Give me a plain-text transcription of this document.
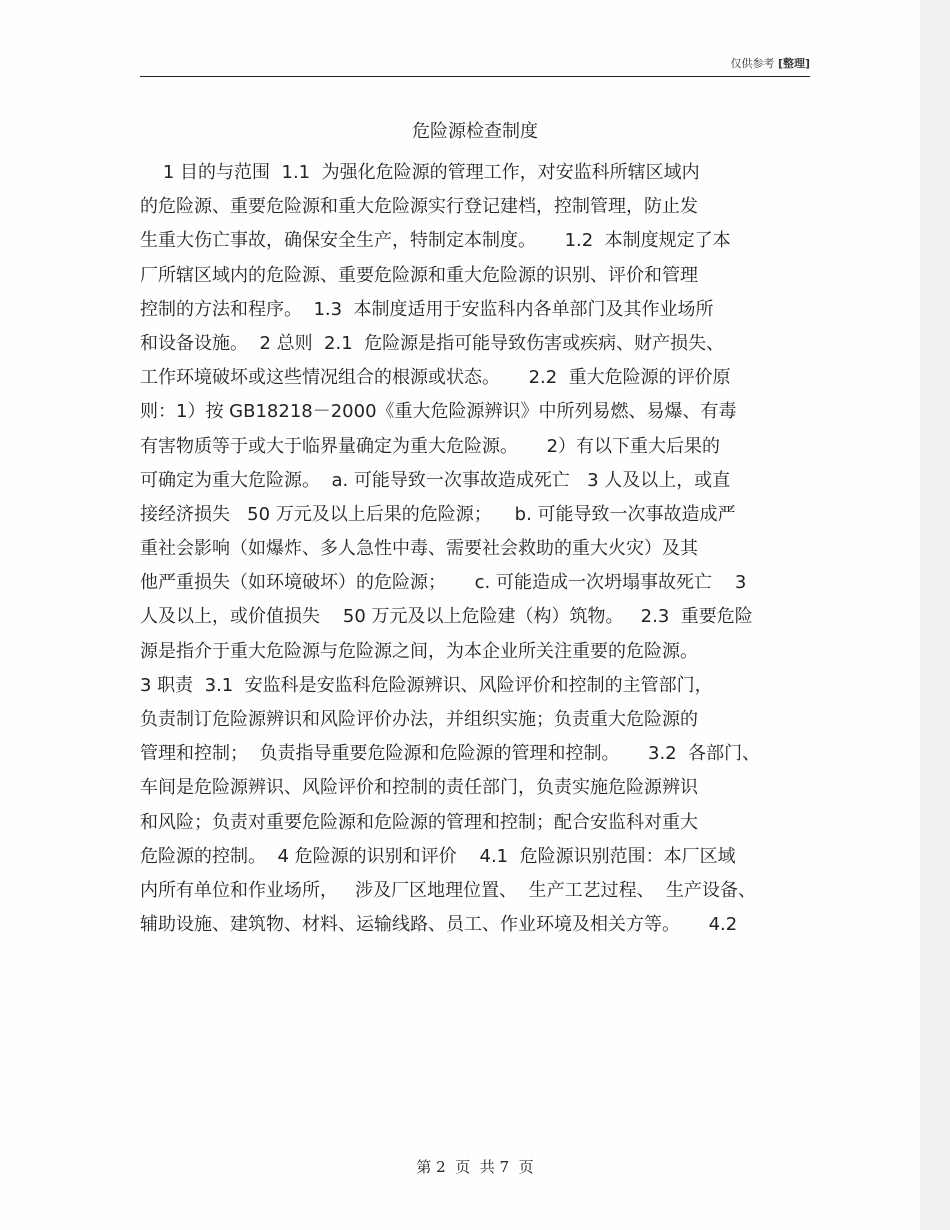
仅供参考 [整理]
危险源检查制度
1 目的与范围  1.1  为强化危险源的管理工作，对安监科所辖区域内
的危险源、重要危险源和重大危险源实行登记建档，控制管理，防止发
生重大伤亡事故，确保安全生产，特制定本制度。     1.2  本制度规定了本
厂所辖区域内的危险源、重要危险源和重大危险源的识别、评价和管理
控制的方法和程序。  1.3  本制度适用于安监科内各单部门及其作业场所
和设备设施。  2 总则  2.1  危险源是指可能导致伤害或疾病、财产损失、
工作环境破坏或这些情况组合的根源或状态。     2.2  重大危险源的评价原
则：1）按 GB18218－2000《重大危险源辨识》中所列易燃、易爆、有毒
有害物质等于或大于临界量确定为重大危险源。     2）有以下重大后果的
可确定为重大危险源。  a. 可能导致一次事故造成死亡   3 人及以上，或直
接经济损失   50 万元及以上后果的危险源；    b. 可能导致一次事故造成严
重社会影响（如爆炸、多人急性中毒、需要社会救助的重大火灾）及其
他严重损失（如环境破坏）的危险源；     c. 可能造成一次坍塌事故死亡    3
人及以上，或价值损失    50 万元及以上危险建（构）筑物。   2.3  重要危险
源是指介于重大危险源与危险源之间，为本企业所关注重要的危险源。
3 职责  3.1  安监科是安监科危险源辨识、风险评价和控制的主管部门，
负责制订危险源辨识和风险评价办法，并组织实施；负责重大危险源的
管理和控制；  负责指导重要危险源和危险源的管理和控制。     3.2  各部门、
车间是危险源辨识、风险评价和控制的责任部门，负责实施危险源辨识
和风险；负责对重要危险源和危险源的管理和控制；配合安监科对重大
危险源的控制。  4 危险源的识别和评价    4.1  危险源识别范围：本厂区域
内所有单位和作业场所，   涉及厂区地理位置、  生产工艺过程、  生产设备、
辅助设施、建筑物、材料、运输线路、员工、作业环境及相关方等。     4.2
第 2  页  共 7  页
